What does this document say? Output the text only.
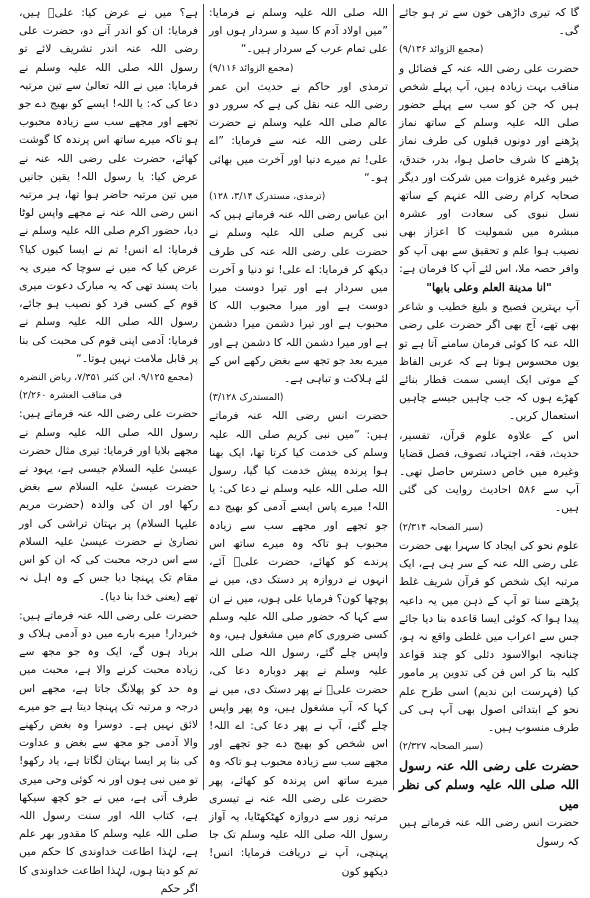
گا کہ تیری داڑھی خون سے تر ہو جائے گی۔

(مجمع الزوائد ۹/۱۳۶)

حضرت علی رضی اللہ عنہ کے فضائل و مناقب بہت زیادہ ہیں، آپ پہلے شخص ہیں کہ جن کو سب سے پہلے حضور صلی اللہ علیہ وسلم کے ساتھ نماز پڑھنے اور دونوں قبلوں کی طرف نماز پڑھنے کا شرف حاصل ہوا، بدر، خندق، خیبر وغیرہ غزوات میں شرکت اور دیگر صحابہ کرام رضی اللہ عنہم کے ساتھ نسل نبوی کی سعادت اور عشرہ مبشرہ میں شمولیت کا اعزاز بھی نصیب ہوا علم و تحقیق سے بھی آپ کو وافر حصہ ملا، اس لئے آپ کا فرمان ہے:

"انا مدينة العلم وعلى بابها"

آپ بہترین فصیح و بلیغ خطیب و شاعر بھی تھے، آج بھی اگر حضرت علی رضی اللہ عنہ کا کوئی فرمان سامنے آتا ہے تو یوں محسوس ہوتا ہے کہ عربی الفاظ کے موتی ایک ایسی سمت قطار بنائے کھڑے ہوں کہ جب چاہیں جیسے چاہیں استعمال کریں۔

اس کے علاوہ علوم قرآن، تفسیر، حدیث، فقہ، اجتہاد، تصوف، فصل قضایا وغیرہ میں خاص دسترس حاصل تھی۔ آپ سے ۵۸۶ احادیث روایت کی گئی ہیں۔

(سیر الصحابہ ۲/۳۱۴)

علوم نحو کی ایجاد کا سہرا بھی حضرت علی رضی اللہ عنہ کے سر ہی ہے، ایک مرتبہ ایک شخص کو قرآن شریف غلط پڑھتے سنا تو آپ کے ذہن میں یہ داعیہ پیدا ہوا کہ کوئی ایسا قاعدہ بنا دیا جائے جس سے اعراب میں غلطی واقع نہ ہو، چنانچہ ابوالاسود دئلی کو چند قواعد کلیہ بتا کر اس فن کی تدوین پر مامور کیا (فہرست ابن ندیم) اسی طرح علم نحو کے ابتدائی اصول بھی آپ ہی کی طرف منسوب ہیں۔

(سیر الصحابہ ۲/۳۲۷)

حضرت علی رضی اللہ عنہ رسول اللہ صلی اللہ علیہ وسلم کی نظر میں

حضرت انس رضی اللہ عنہ فرماتے ہیں کہ رسول

اللہ صلی اللہ علیہ وسلم نے فرمایا: ”میں اولاد آدم کا سید و سردار ہوں اور علی تمام عرب کے سردار ہیں۔“

(مجمع الزوائد ۹/۱۱۶)

ترمذی اور حاکم نے حدیث ابن عمر رضی اللہ عنہ نقل کی ہے کہ سرور دو عالم صلی اللہ علیہ وسلم نے حضرت علی رضی اللہ عنہ سے فرمایا: ”اے علی! تم میرے دنیا اور آخرت میں بھائی ہو۔“

(ترمذی، مستدرک ۳/۱۴، ۱۲۸)

ابن عباس رضی اللہ عنہ فرماتے ہیں کہ نبی کریم صلی اللہ علیہ وسلم نے حضرت علی رضی اللہ عنہ کی طرف دیکھ کر فرمایا: اے علی! تو دنیا و آخرت میں سردار ہے اور تیرا دوست میرا دوست ہے اور میرا محبوب اللہ کا محبوب ہے اور تیرا دشمن میرا دشمن ہے اور میرا دشمن اللہ کا دشمن ہے اور میرے بعد جو تجھ سے بغض رکھے اس کے لئے ہلاکت و تباہی ہے۔

(المستدرک ۳/۱۲۸)

حضرت انس رضی اللہ عنہ فرماتے ہیں: ”میں نبی کریم صلی اللہ علیہ وسلم کی خدمت کیا کرتا تھا، ایک بھنا ہوا پرندہ پیش خدمت کیا گیا، رسول اللہ صلی اللہ علیہ وسلم نے دعا کی: یا اللہ! میرے پاس ایسے آدمی کو بھیج دے جو تجھے اور مجھے سب سے زیادہ محبوب ہو تاکہ وہ میرے ساتھ اس پرندے کو کھائے، حضرت علیؓ آئے، انہوں نے دروازہ پر دستک دی، میں نے پوچھا کون؟ فرمایا علی ہوں، میں نے ان سے کہا کہ حضور صلی اللہ علیہ وسلم کسی ضروری کام میں مشغول ہیں، وہ واپس چلے گئے، رسول اللہ صلی اللہ علیہ وسلم نے پھر دوبارہ دعا کی، حضرت علیؓ نے پھر دستک دی، میں نے کہا کہ آپ مشغول ہیں، وہ پھر واپس چلے گئے، آپ نے پھر دعا کی: اے اللہ! اس شخص کو بھیج دے جو تجھے اور مجھے سب سے زیادہ محبوب ہو تاکہ وہ میرے ساتھ اس پرندہ کو کھائے، پھر حضرت علی رضی اللہ عنہ نے تیسری مرتبہ زور سے دروازہ کھٹکھٹایا، یہ آواز رسول اللہ صلی اللہ علیہ وسلم تک جا پہنچی، آپ نے دریافت فرمایا: انس! دیکھو کون

ہے؟ میں نے عرض کیا: علیؓ ہیں، فرمایا: ان کو اندر آنے دو، حضرت علی رضی اللہ عنہ اندر تشریف لائے تو رسول اللہ صلی اللہ علیہ وسلم نے فرمایا: میں نے اللہ تعالیٰ سے تین مرتبہ دعا کی کہ: یا اللہ! ایسے کو بھیج دے جو تجھے اور مجھے سب سے زیادہ محبوب ہو تاکہ میرے ساتھ اس پرندہ کا گوشت کھائے، حضرت علی رضی اللہ عنہ نے عرض کیا: یا رسول اللہ! یقین جانیں میں تین مرتبہ حاضر ہوا تھا، ہر مرتبہ انس رضی اللہ عنہ نے مجھے واپس لوٹا دیا، حضور اکرم صلی اللہ علیہ وسلم نے فرمایا: اے انس! تم نے ایسا کیوں کیا؟ عرض کیا کہ میں نے سوچا کہ میری یہ بات پسند تھی کہ یہ مبارک دعوت میری قوم کے کسی فرد کو نصیب ہو جائے، رسول اللہ صلی اللہ علیہ وسلم نے فرمایا: آدمی اپنی قوم کی محبت کی بنا پر قابل ملامت نہیں ہوتا۔“

(مجمع ۹/۱۲۵، ابن کثیر ۷/۳۵۱، ریاض النضرہ فی مناقب العشرہ ۲/۲۶۰)

حضرت علی رضی اللہ عنہ فرماتے ہیں: رسول اللہ صلی اللہ علیہ وسلم نے مجھے بلایا اور فرمایا: تیری مثال حضرت عیسیٰ علیہ السلام جیسی ہے، یہود نے حضرت عیسیٰ علیہ السلام سے بغض رکھا اور ان کی والدہ (حضرت مریم علیہا السلام) پر بہتان تراشی کی اور نصاریٰ نے حضرت عیسیٰ علیہ السلام سے اس درجہ محبت کی کہ ان کو اس مقام تک پہنچا دیا جس کے وہ اہل نہ تھے (یعنی خدا بنا دیا)۔

حضرت علی رضی اللہ عنہ فرماتے ہیں: خبردار! میرے بارے میں دو آدمی ہلاک و برباد ہوں گے، ایک وہ جو مجھ سے زیادہ محبت کرنے والا ہے، محبت میں وہ حد کو پھلانگ جاتا ہے، مجھے اس درجہ و مرتبہ تک پہنچا دیتا ہے جو میرے لائق نہیں ہے۔ دوسرا وہ بغض رکھنے والا آدمی جو مجھ سے بغض و عداوت کی بنا پر ایسا بہتان لگاتا ہے، یاد رکھو! تو میں نبی ہوں اور نہ کوئی وحی میری طرف آتی ہے، میں نے جو کچھ سیکھا ہے، کتاب اللہ اور سنت رسول اللہ صلی اللہ علیہ وسلم کا مقدور بھر علم ہے، لہٰذا اطاعت خداوندی کا حکم میں تم کو دیتا ہوں، لہٰذا اطاعت خداوندی کا اگر حکم
